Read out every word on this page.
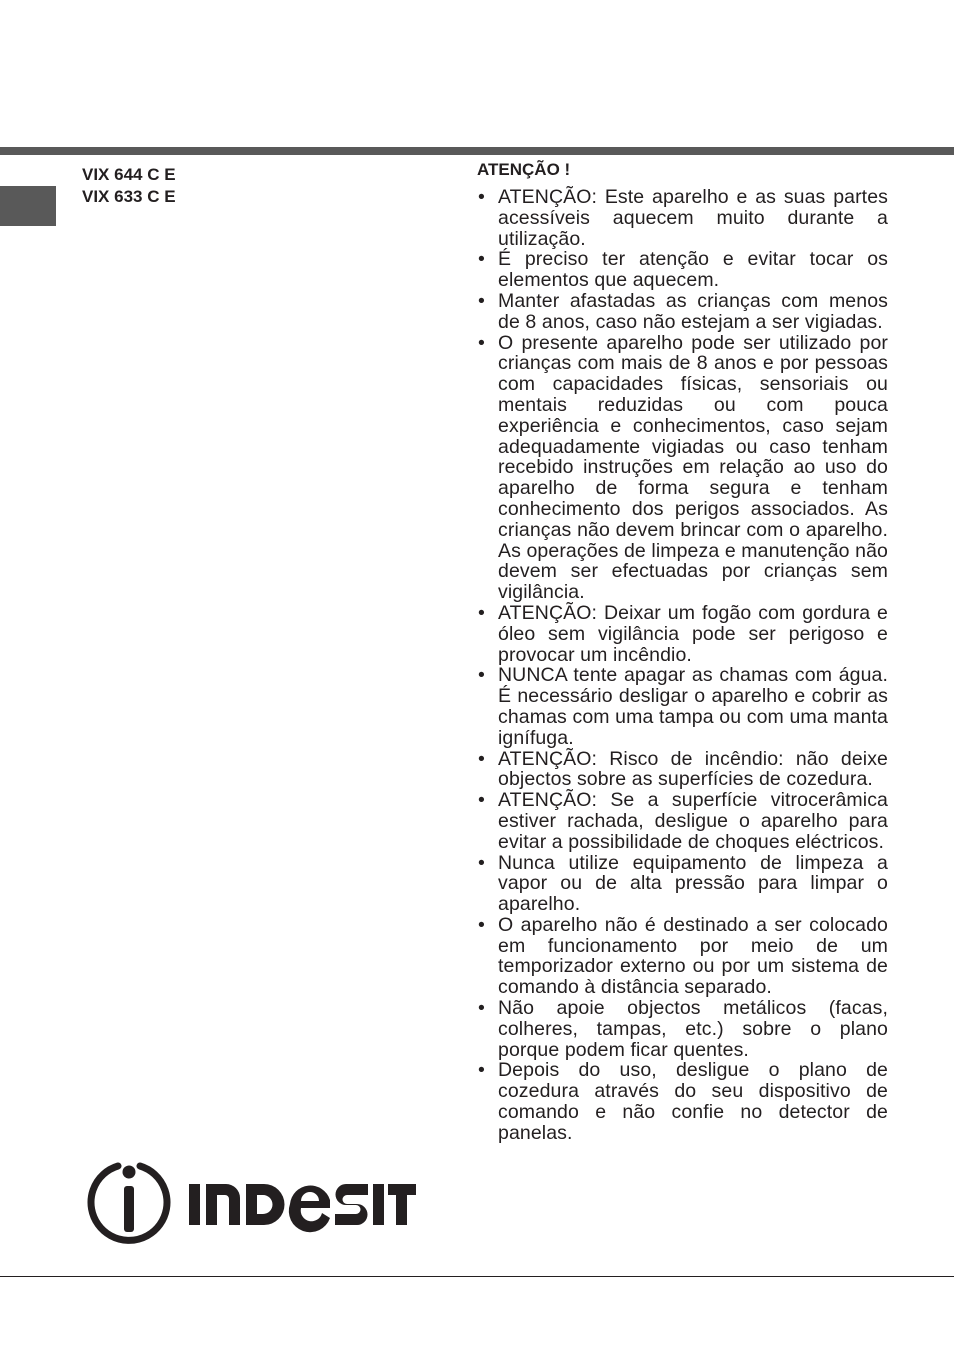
VIX 644 C E
VIX 633 C E
ATENÇÃO !
• ATENÇÃO: Este aparelho e as suas partes acessíveis aquecem muito durante a utilização.
• É preciso ter atenção e evitar tocar os elementos que aquecem.
• Manter afastadas as crianças com menos de 8 anos, caso não estejam a ser vigiadas.
• O presente aparelho pode ser utilizado por crianças com mais de 8 anos e por pessoas com capacidades físicas, sensoriais ou mentais reduzidas ou com pouca experiência e conhecimentos, caso sejam adequadamente vigiadas ou caso tenham recebido instruções em relação ao uso do aparelho de forma segura e tenham conhecimento dos perigos associados. As crianças não devem brincar com o aparelho. As operações de limpeza e manutenção não devem ser efectuadas por crianças sem vigilância.
• ATENÇÃO: Deixar um fogão com gordura e óleo sem vigilância pode ser perigoso e provocar um incêndio.
• NUNCA tente apagar as chamas com água. É necessário desligar o aparelho e cobrir as chamas com uma tampa ou com uma manta ignífuga.
• ATENÇÃO: Risco de incêndio: não deixe objectos sobre as superfícies de cozedura.
• ATENÇÃO: Se a superfície vitrocerâmica estiver rachada, desligue o aparelho para evitar a possibilidade de choques eléctricos.
• Nunca utilize equipamento de limpeza a vapor ou de alta pressão para limpar o aparelho.
• O aparelho não é destinado a ser colocado em funcionamento por meio de um temporizador externo ou por um sistema de comando à distância separado.
• Não apoie objectos metálicos (facas, colheres, tampas, etc.) sobre o plano porque podem ficar quentes.
• Depois do uso, desligue o plano de cozedura através do seu dispositivo de comando e não confie no detector de panelas.
